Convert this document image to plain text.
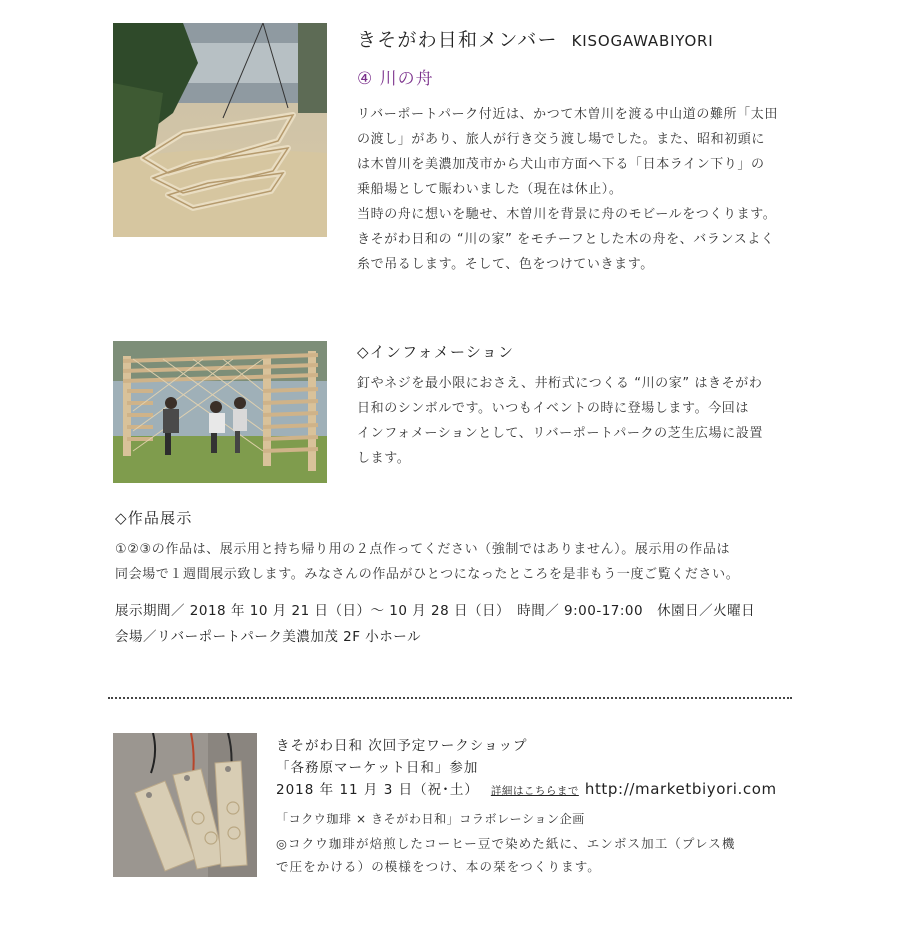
きそがわ日和メンバー KISOGAWABIYORI
④ 川の舟
リバーポートパーク付近は、かつて木曽川を渡る中山道の難所「太田
の渡し」があり、旅人が行き交う渡し場でした。また、昭和初頭に
は木曽川を美濃加茂市から犬山市方面へ下る「日本ライン下り」の
乗船場として賑わいました（現在は休止）。
当時の舟に想いを馳せ、木曽川を背景に舟のモビールをつくります。
きそがわ日和の “川の家” をモチーフとした木の舟を、バランスよく
糸で吊るします。そして、色をつけていきます。
◇インフォメーション
釘やネジを最小限におさえ、井桁式につくる “川の家” はきそがわ
日和のシンボルです。いつもイベントの時に登場します。今回は
インフォメーションとして、リバーポートパークの芝生広場に設置
します。
◇作品展示
①②③の作品は、展示用と持ち帰り用の２点作ってください（強制ではありません）。展示用の作品は
同会場で１週間展示致します。みなさんの作品がひとつになったところを是非もう一度ご覧ください。
展示期間／ 2018 年 10 月 21 日（日）～ 10 月 28 日（日）　時間／ 9:00-17:00　休園日／火曜日
会場／リバーポートパーク美濃加茂 2F 小ホール
きそがわ日和 次回予定ワークショップ
「各務原マーケット日和」参加
2018 年 11 月 3 日（祝･土） 詳細はこちらまで http://marketbiyori.com
「コクウ珈琲 × きそがわ日和」コラボレーション企画
◎コクウ珈琲が焙煎したコーヒー豆で染めた紙に、エンボス加工（プレス機
で圧をかける）の模様をつけ、本の栞をつくります。
